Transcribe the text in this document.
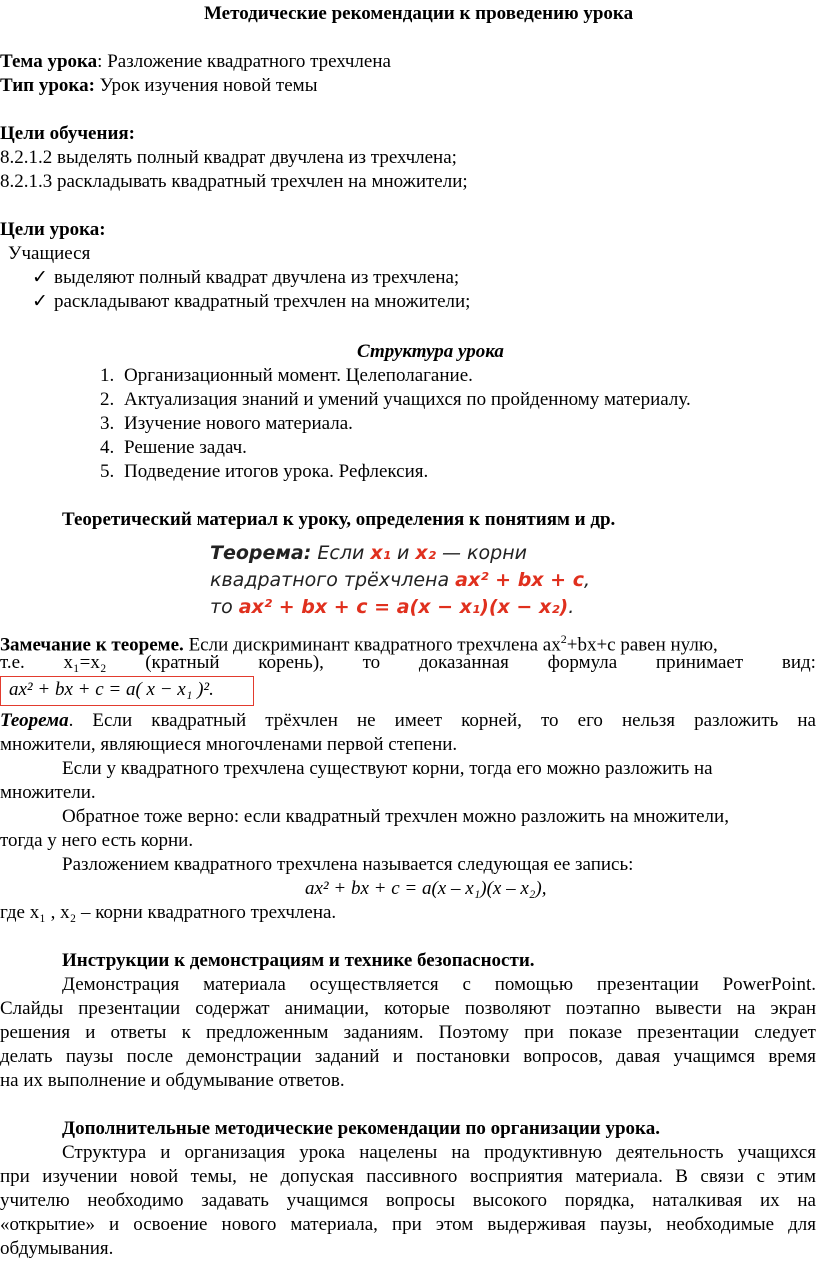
Методические рекомендации к проведению урока
Тема урока: Разложение квадратного трехчлена
Тип урока: Урок изучения новой темы
Цели обучения:
8.2.1.2 выделять полный квадрат двучлена из трехчлена;
8.2.1.3 раскладывать квадратный трехчлен на множители;
Цели урока:
Учащиеся
✓ выделяют полный квадрат двучлена из трехчлена;
✓ раскладывают квадратный трехчлен на множители;
Структура урока
1. Организационный момент. Целеполагание.
2. Актуализация знаний и умений учащихся по пройденному материалу.
3. Изучение нового материала.
4. Решение задач.
5. Подведение итогов урока. Рефлексия.
Теоретический материал к уроку, определения к понятиям и др.
Теорема: Если x₁ и x₂ — корни
квадратного трёхчлена ax² + bx + c,
то ax² + bx + c = a(x − x₁)(x − x₂).
Замечание к теореме. Если дискриминант квадратного трехчлена $ax^2+bx+c$ равен нулю,
т.е. x₁=x₂ (кратный корень), то доказанная формула принимает вид:
ax² + bx + c = a( x − x₁ )².
Теорема. Если квадратный трёхчлен не имеет корней, то его нельзя разложить на
множители, являющиеся многочленами первой степени.
Если у квадратного трехчлена существуют корни, тогда его можно разложить на
множители.
Обратное тоже верно: если квадратный трехчлен можно разложить на множители,
тогда у него есть корни.
Разложением квадратного трехчлена называется следующая ее запись:
ax² + bx + c = a(x – x₁)(x – x₂),
где x₁ , x₂ – корни квадратного трехчлена.
Инструкции к демонстрациям и технике безопасности.
Демонстрация материала осуществляется с помощью презентации PowerPoint.
Слайды презентации содержат анимации, которые позволяют поэтапно вывести на экран
решения и ответы к предложенным заданиям. Поэтому при показе презентации следует
делать паузы после демонстрации заданий и постановки вопросов, давая учащимся время
на их выполнение и обдумывание ответов.
Дополнительные методические рекомендации по организации урока.
Структура и организация урока нацелены на продуктивную деятельность учащихся
при изучении новой темы, не допуская пассивного восприятия материала. В связи с этим
учителю необходимо задавать учащимся вопросы высокого порядка, наталкивая их на
«открытие» и освоение нового материала, при этом выдерживая паузы, необходимые для
обдумывания.
